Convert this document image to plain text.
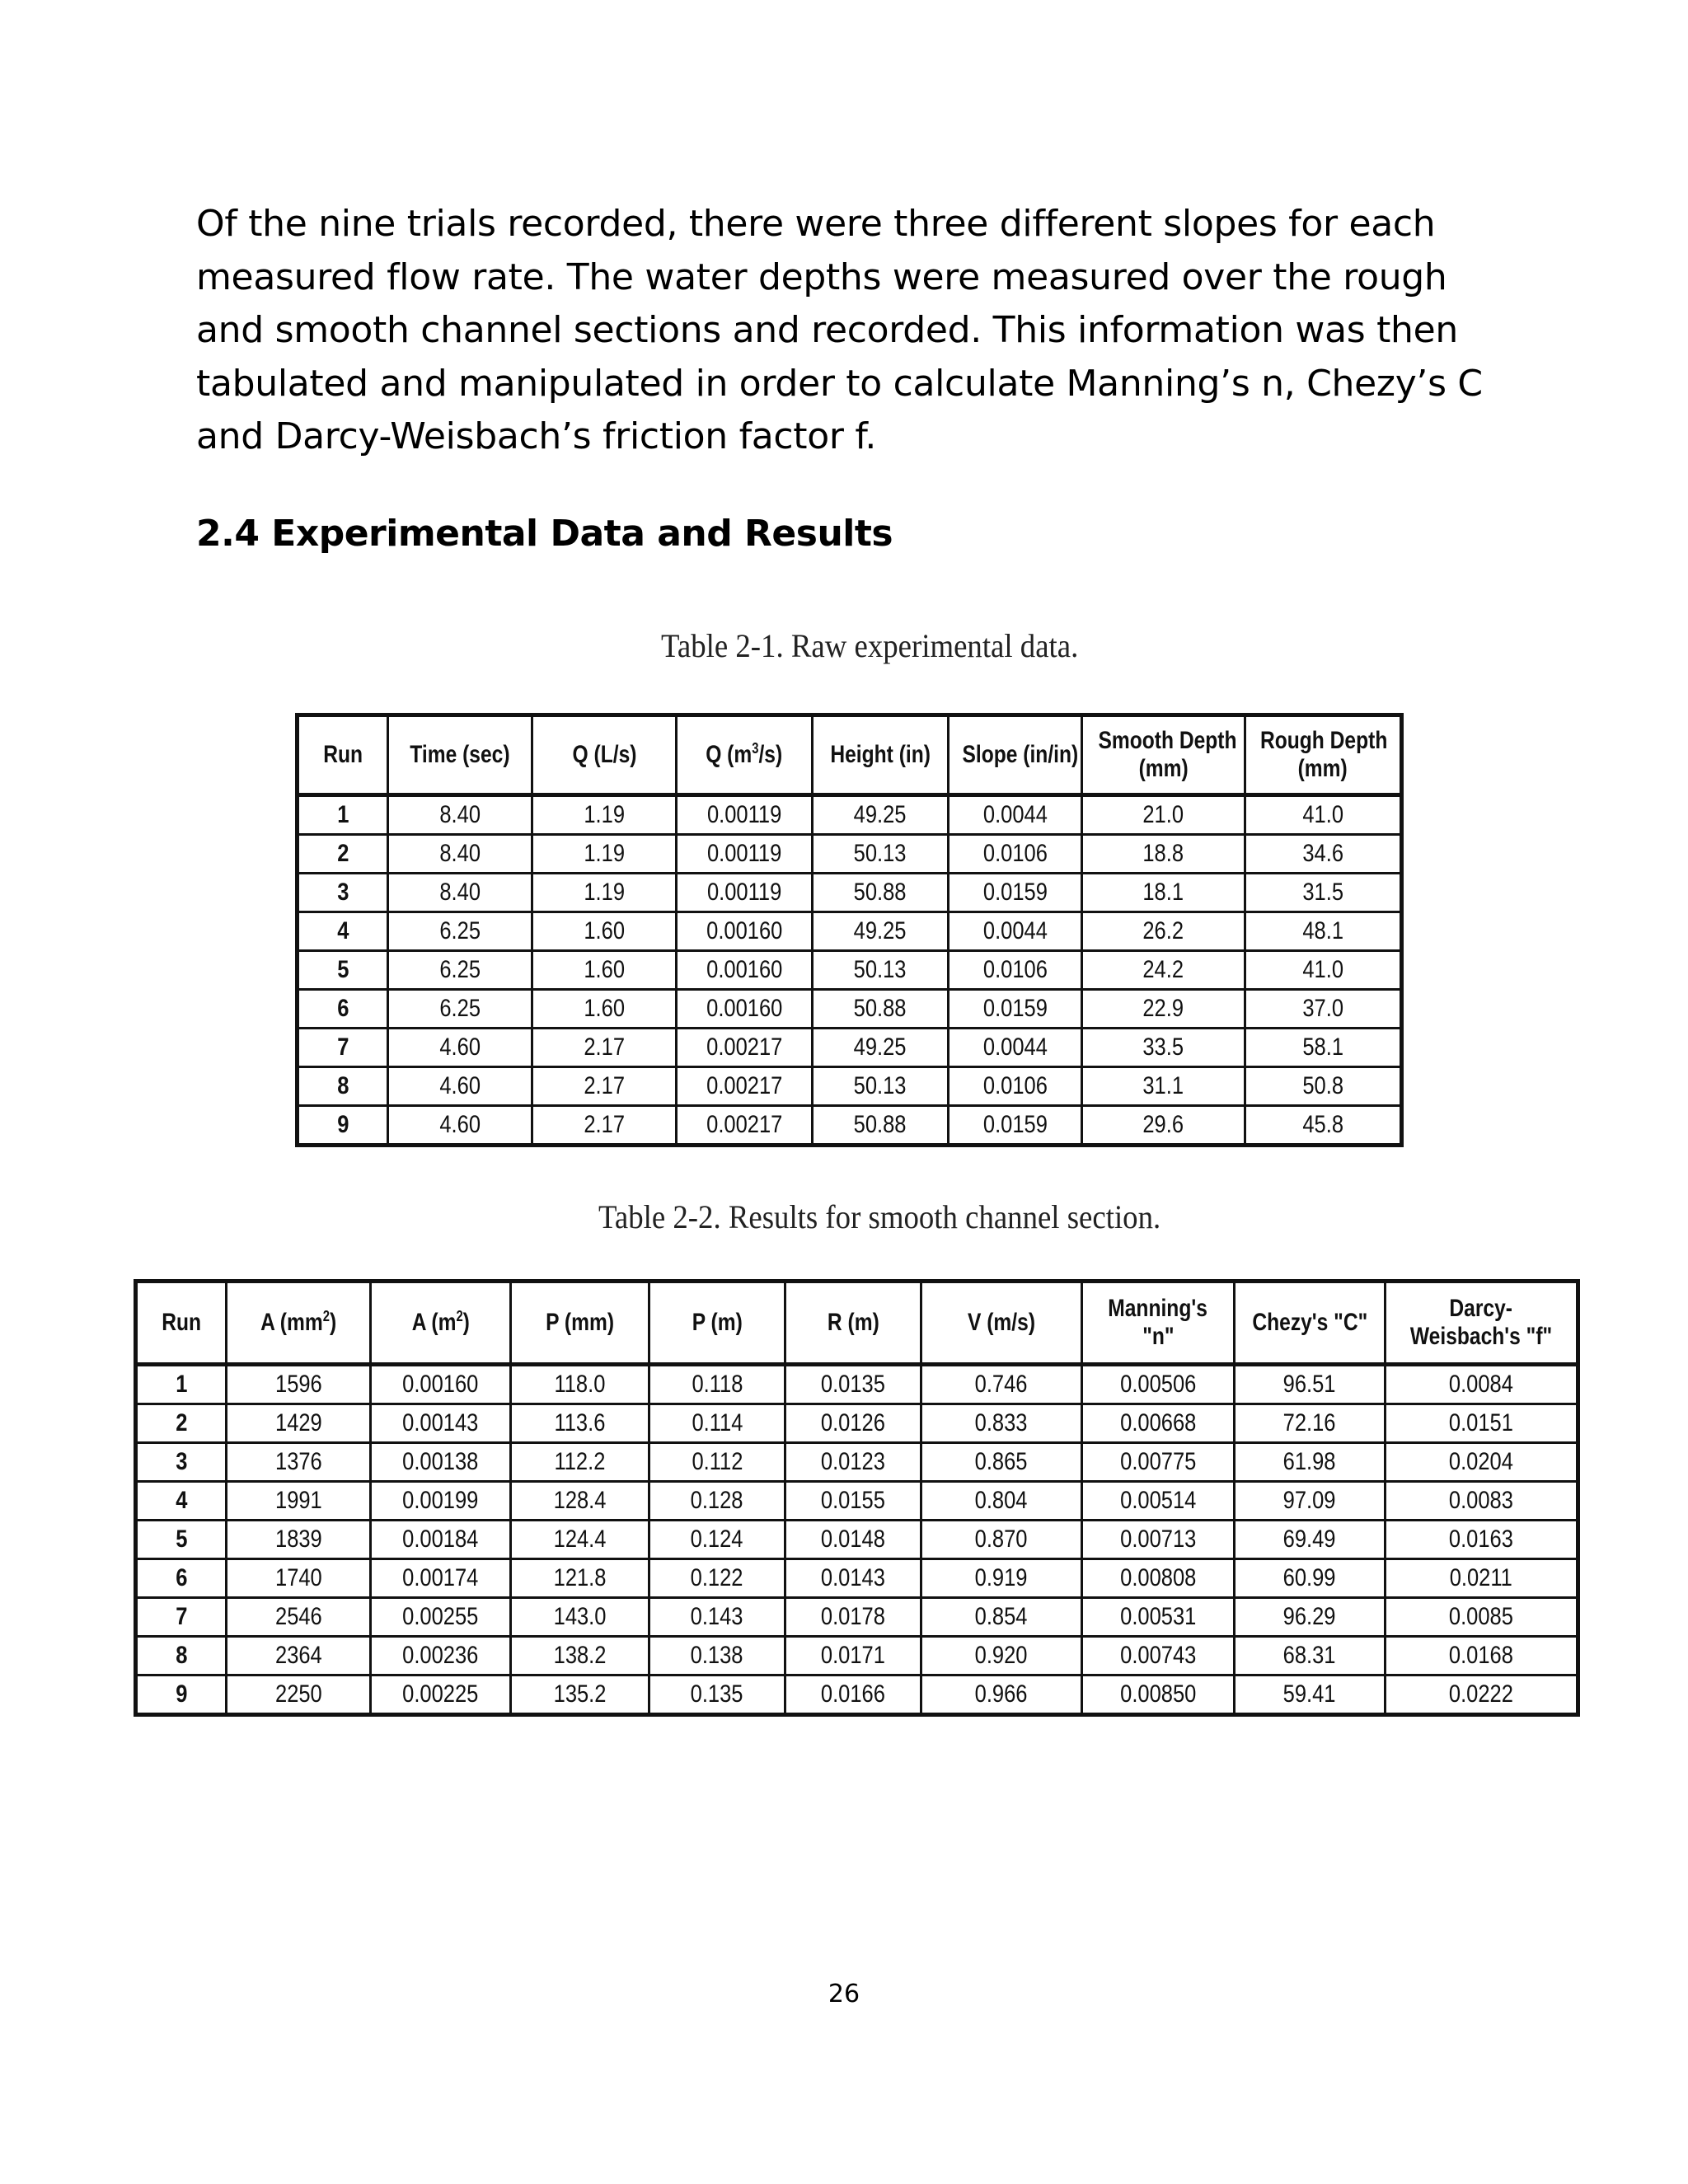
Of the nine trials recorded, there were three different slopes for each
measured flow rate. The water depths were measured over the rough
and smooth channel sections and recorded. This information was then
tabulated and manipulated in order to calculate Manning’s n, Chezy’s C
and Darcy-Weisbach’s friction factor f.

2.4 Experimental Data and Results

Table 2-1. Raw experimental data.

Run	Time (sec)	Q (L/s)	Q $(m^3/s)$	Height (in)	Slope (in/in)	Smooth Depth
(mm)	Rough Depth
(mm)
1	8.40	1.19	0.00119	49.25	0.0044	21.0	41.0
2	8.40	1.19	0.00119	50.13	0.0106	18.8	34.6
3	8.40	1.19	0.00119	50.88	0.0159	18.1	31.5
4	6.25	1.60	0.00160	49.25	0.0044	26.2	48.1
5	6.25	1.60	0.00160	50.13	0.0106	24.2	41.0
6	6.25	1.60	0.00160	50.88	0.0159	22.9	37.0
7	4.60	2.17	0.00217	49.25	0.0044	33.5	58.1
8	4.60	2.17	0.00217	50.13	0.0106	31.1	50.8
9	4.60	2.17	0.00217	50.88	0.0159	29.6	45.8

Table 2-2. Results for smooth channel section.

Run	A $(mm^2)$	A $(m^2)$	P (mm)	P (m)	R (m)	V (m/s)	Manning's
"n"	Chezy's "C"	Darcy-
Weisbach's "f"
1	1596	0.00160	118.0	0.118	0.0135	0.746	0.00506	96.51	0.0084
2	1429	0.00143	113.6	0.114	0.0126	0.833	0.00668	72.16	0.0151
3	1376	0.00138	112.2	0.112	0.0123	0.865	0.00775	61.98	0.0204
4	1991	0.00199	128.4	0.128	0.0155	0.804	0.00514	97.09	0.0083
5	1839	0.00184	124.4	0.124	0.0148	0.870	0.00713	69.49	0.0163
6	1740	0.00174	121.8	0.122	0.0143	0.919	0.00808	60.99	0.0211
7	2546	0.00255	143.0	0.143	0.0178	0.854	0.00531	96.29	0.0085
8	2364	0.00236	138.2	0.138	0.0171	0.920	0.00743	68.31	0.0168
9	2250	0.00225	135.2	0.135	0.0166	0.966	0.00850	59.41	0.0222

26
